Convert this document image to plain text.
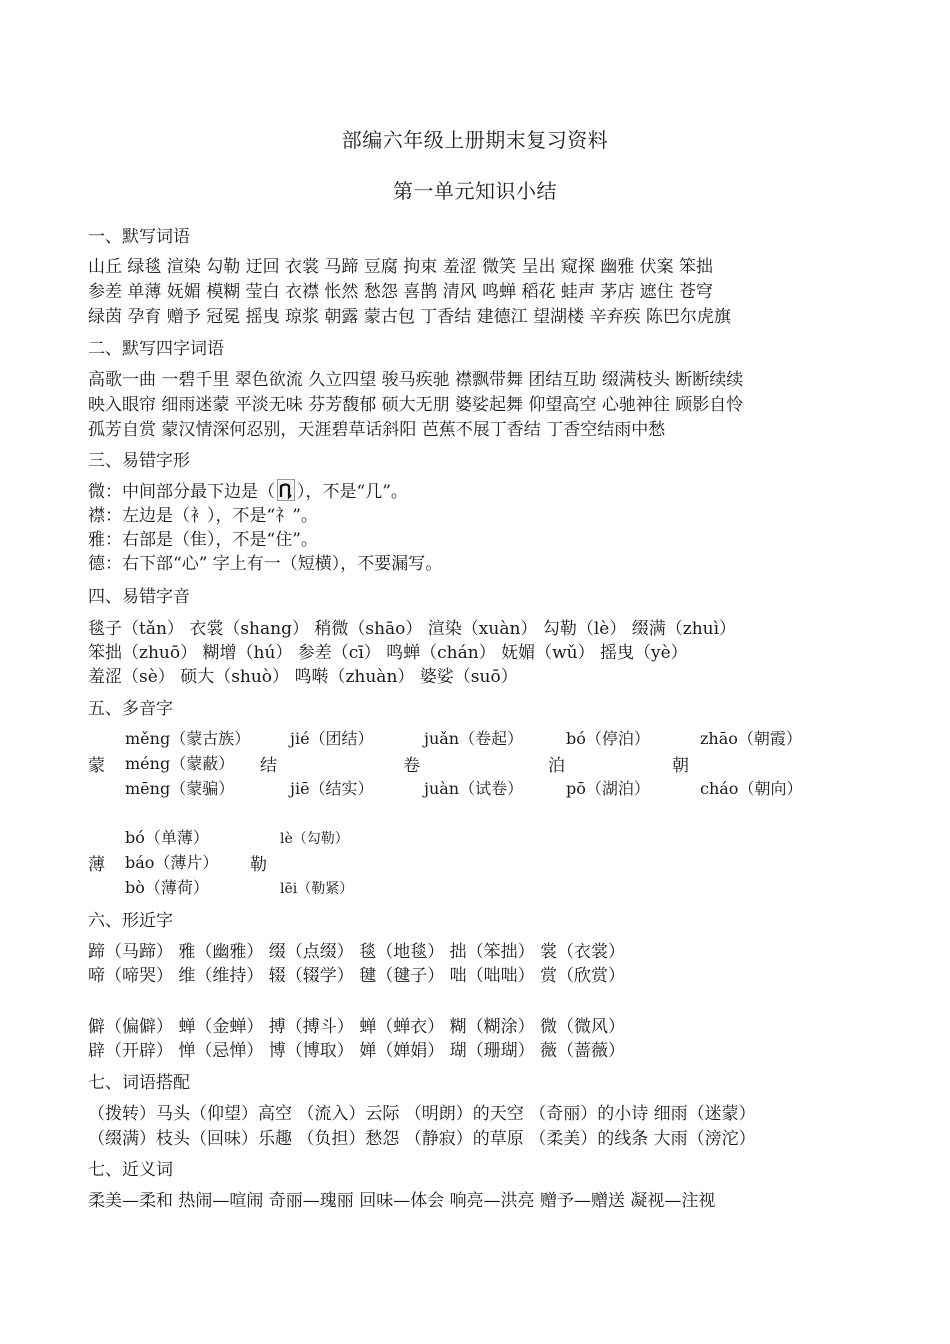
部编六年级上册期末复习资料
第一单元知识小结
一、默写词语
山丘 绿毯 渲染 勾勒 迂回 衣裳 马蹄 豆腐 拘束 羞涩 微笑 呈出 窥探 幽雅 伏案 笨拙
参差 单薄 妩媚 模糊 莹白 衣襟 怅然 愁怨 喜鹊 清风 鸣蝉 稻花 蛙声 茅店 遮住 苍穹
绿茵 孕育 赠予 冠冕 摇曳 琼浆 朝露 蒙古包 丁香结 建德江 望湖楼 辛弃疾 陈巴尔虎旗
二、默写四字词语
高歌一曲 一碧千里 翠色欲流 久立四望 骏马疾驰 襟飘带舞 团结互助 缀满枝头 断断续续
映入眼帘 细雨迷蒙 平淡无味 芬芳馥郁 硕大无朋 婆娑起舞 仰望高空 心驰神往 顾影自怜
孤芳自赏 蒙汉情深何忍别，天涯碧草话斜阳 芭蕉不展丁香结 丁香空结雨中愁
三、易错字形
微：中间部分最下边是（ ），不是“几”。
襟：左边是（衤），不是“礻”。
雅：右部是（隹），不是“住”。
德：右下部“心” 字上有一（短横），不要漏写。
四、易错字音
毯子（tǎn） 衣裳（shang） 稍微（shāo） 渲染（xuàn） 勾勒（lè） 缀满（zhuì）
笨拙（zhuō） 糊增（hú） 参差（cī） 鸣蝉（chán） 妩媚（wǔ） 摇曳（yè）
羞涩（sè） 硕大（shuò） 鸣啭（zhuàn） 婆娑（suō）
五、多音字
měng（蒙古族）
蒙 méng（蒙蔽）
mēng（蒙骗）
jié（团结）
结
jiē（结实）
juǎn（卷起）
卷
juàn（试卷）
bó（停泊）
泊
pō（湖泊）
zhāo（朝霞）
朝
cháo（朝向）
bó（单薄）
薄 báo（薄片）
bò（薄荷）
lè（勾勒）
勒
lēi（勒紧）
六、形近字
蹄（马蹄） 雅（幽雅） 缀（点缀） 毯（地毯） 拙（笨拙） 裳（衣裳）
啼（啼哭） 维（维持） 辍（辍学） 毽（毽子） 咄（咄咄） 赏（欣赏）
僻（偏僻） 蝉（金蝉） 搏（搏斗） 蝉（蝉衣） 糊（糊涂） 微（微风）
辟（开辟） 惮（忌惮） 博（博取） 婵（婵娟） 瑚（珊瑚） 薇（蔷薇）
七、词语搭配
（拨转）马头（仰望）高空 （流入）云际 （明朗）的天空 （奇丽）的小诗 细雨（迷蒙）
（缀满）枝头（回味）乐趣 （负担）愁怨 （静寂）的草原 （柔美）的线条 大雨（滂沱）
七、近义词
柔美—柔和 热闹—喧闹 奇丽—瑰丽 回味—体会 响亮—洪亮 赠予—赠送 凝视—注视
